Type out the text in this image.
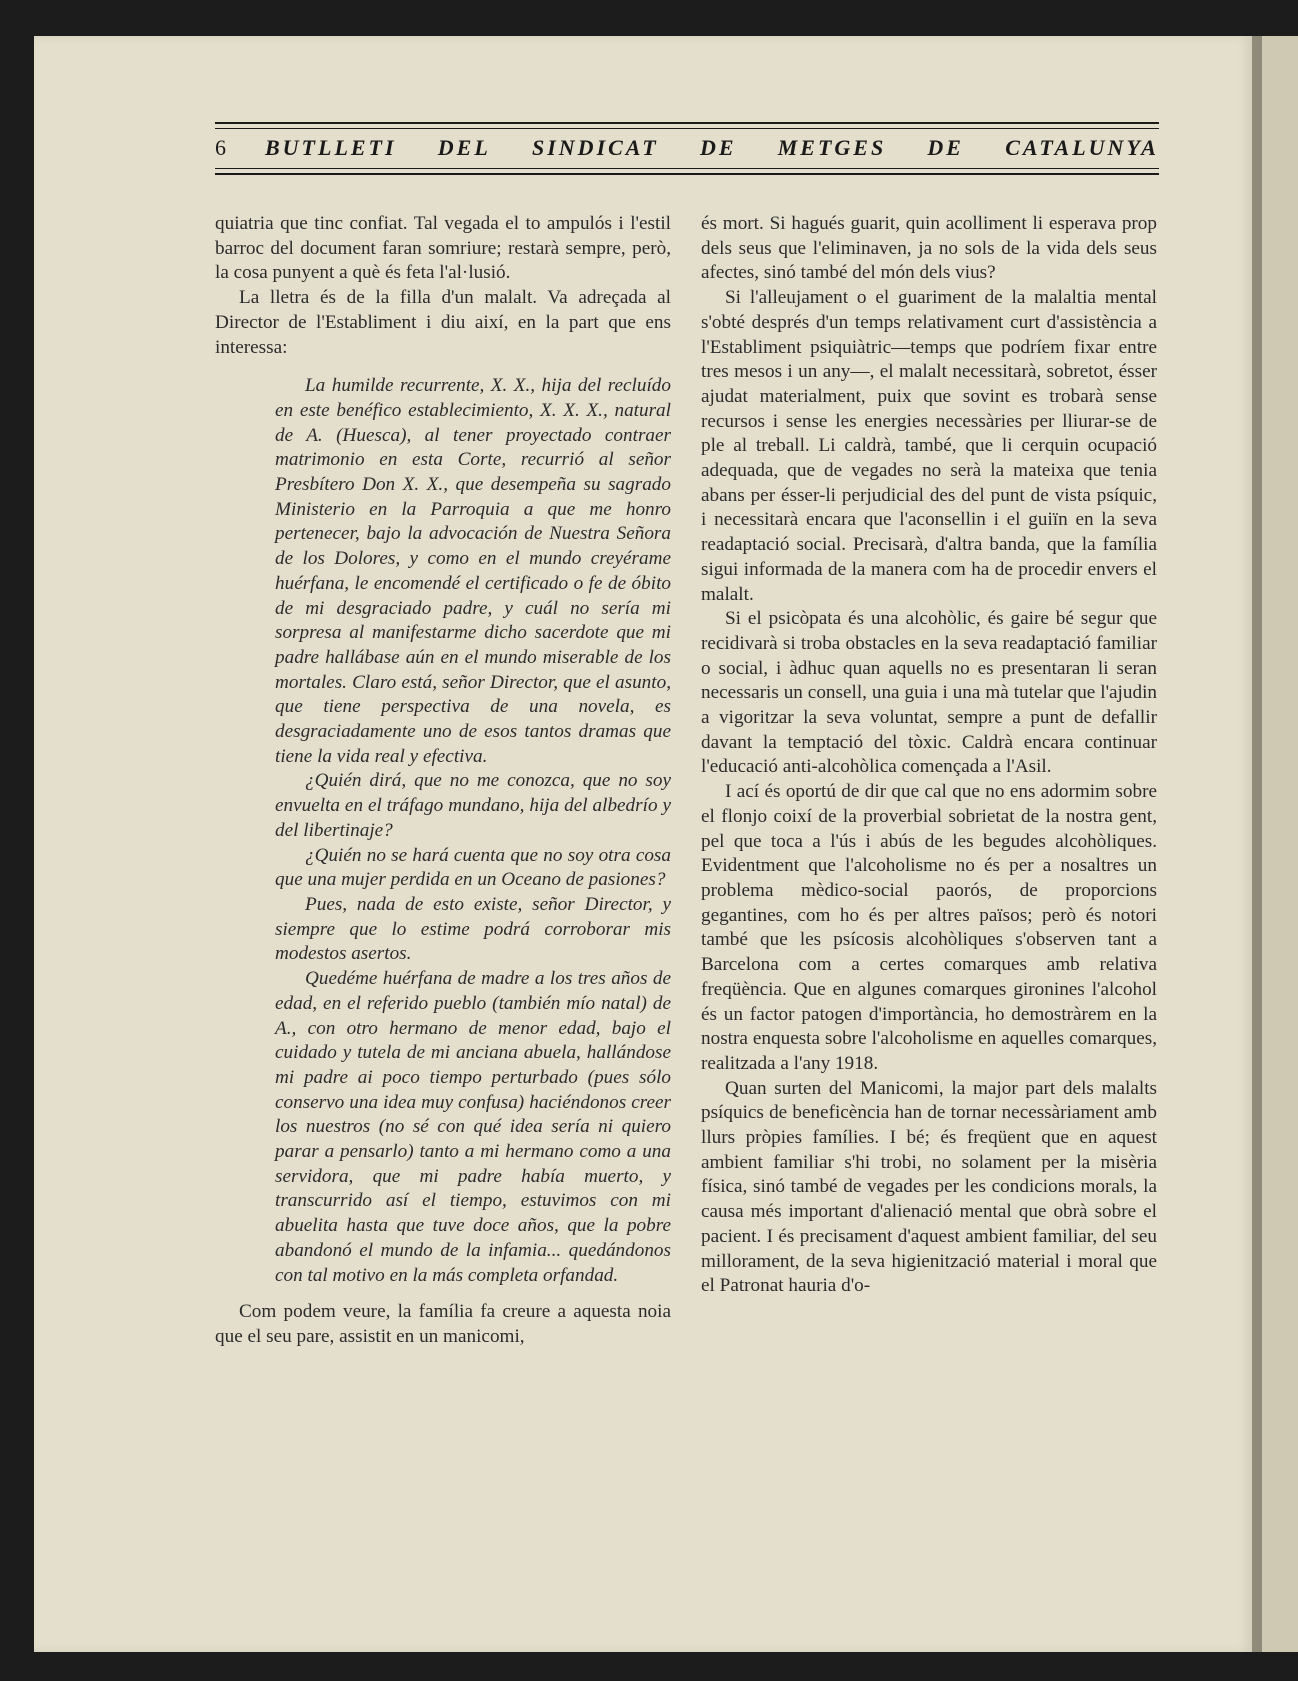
6	BUTLLETI DEL SINDICAT DE METGES DE CATALUNYA

quiatria que tinc confiat. Tal vegada el to ampulós i l'estil barroc del document faran somriure; restarà sempre, però, la cosa punyent a què és feta l'al·lusió.

La lletra és de la filla d'un malalt. Va adreçada al Director de l'Establiment i diu així, en la part que ens interessa:

La humilde recurrente, X. X., hija del recluído en este benéfico establecimiento, X. X. X., natural de A. (Huesca), al tener proyectado contraer matrimonio en esta Corte, recurrió al señor Presbítero Don X. X., que desempeña su sagrado Ministerio en la Parroquia a que me honro pertenecer, bajo la advocación de Nuestra Señora de los Dolores, y como en el mundo creyérame huérfana, le encomendé el certificado o fe de óbito de mi desgraciado padre, y cuál no sería mi sorpresa al manifestarme dicho sacerdote que mi padre hallábase aún en el mundo miserable de los mortales. Claro está, señor Director, que el asunto, que tiene perspectiva de una novela, es desgraciadamente uno de esos tantos dramas que tiene la vida real y efectiva.

¿Quién dirá, que no me conozca, que no soy envuelta en el tráfago mundano, hija del albedrío y del libertinaje?

¿Quién no se hará cuenta que no soy otra cosa que una mujer perdida en un Oceano de pasiones?

Pues, nada de esto existe, señor Director, y siempre que lo estime podrá corroborar mis modestos asertos.

Quedéme huérfana de madre a los tres años de edad, en el referido pueblo (también mío natal) de A., con otro hermano de menor edad, bajo el cuidado y tutela de mi anciana abuela, hallándose mi padre ai poco tiempo perturbado (pues sólo conservo una idea muy confusa) haciéndonos creer los nuestros (no sé con qué idea sería ni quiero parar a pensarlo) tanto a mi hermano como a una servidora, que mi padre había muerto, y transcurrido así el tiempo, estuvimos con mi abuelita hasta que tuve doce años, que la pobre abandonó el mundo de la infamia... quedándonos con tal motivo en la más completa orfandad.

Com podem veure, la família fa creure a aquesta noia que el seu pare, assistit en un manicomi,

és mort. Si hagués guarit, quin acolliment li esperava prop dels seus que l'eliminaven, ja no sols de la vida dels seus afectes, sinó també del món dels vius?

Si l'alleujament o el guariment de la malaltia mental s'obté després d'un temps relativament curt d'assistència a l'Establiment psiquiàtric—temps que podríem fixar entre tres mesos i un any—, el malalt necessitarà, sobretot, ésser ajudat materialment, puix que sovint es trobarà sense recursos i sense les energies necessàries per lliurar-se de ple al treball. Li caldrà, també, que li cerquin ocupació adequada, que de vegades no serà la mateixa que tenia abans per ésser-li perjudicial des del punt de vista psíquic, i necessitarà encara que l'aconsellin i el guiïn en la seva readaptació social. Precisarà, d'altra banda, que la família sigui informada de la manera com ha de procedir envers el malalt.

Si el psicòpata és una alcohòlic, és gaire bé segur que recidivarà si troba obstacles en la seva readaptació familiar o social, i àdhuc quan aquells no es presentaran li seran necessaris un consell, una guia i una mà tutelar que l'ajudin a vigoritzar la seva voluntat, sempre a punt de defallir davant la temptació del tòxic. Caldrà encara continuar l'educació anti-alcohòlica començada a l'Asil.

I ací és oportú de dir que cal que no ens adormim sobre el flonjo coixí de la proverbial sobrietat de la nostra gent, pel que toca a l'ús i abús de les begudes alcohòliques. Evidentment que l'alcoholisme no és per a nosaltres un problema mèdico-social paorós, de proporcions gegantines, com ho és per altres països; però és notori també que les psícosis alcohòliques s'observen tant a Barcelona com a certes comarques amb relativa freqüència. Que en algunes comarques gironines l'alcohol és un factor patogen d'importància, ho demostràrem en la nostra enquesta sobre l'alcoholisme en aquelles comarques, realitzada a l'any 1918.

Quan surten del Manicomi, la major part dels malalts psíquics de beneficència han de tornar necessàriament amb llurs pròpies famílies. I bé; és freqüent que en aquest ambient familiar s'hi trobi, no solament per la misèria física, sinó també de vegades per les condicions morals, la causa més important d'alienació mental que obrà sobre el pacient. I és precisament d'aquest ambient familiar, del seu millorament, de la seva higienització material i moral que el Patronat hauria d'o-
